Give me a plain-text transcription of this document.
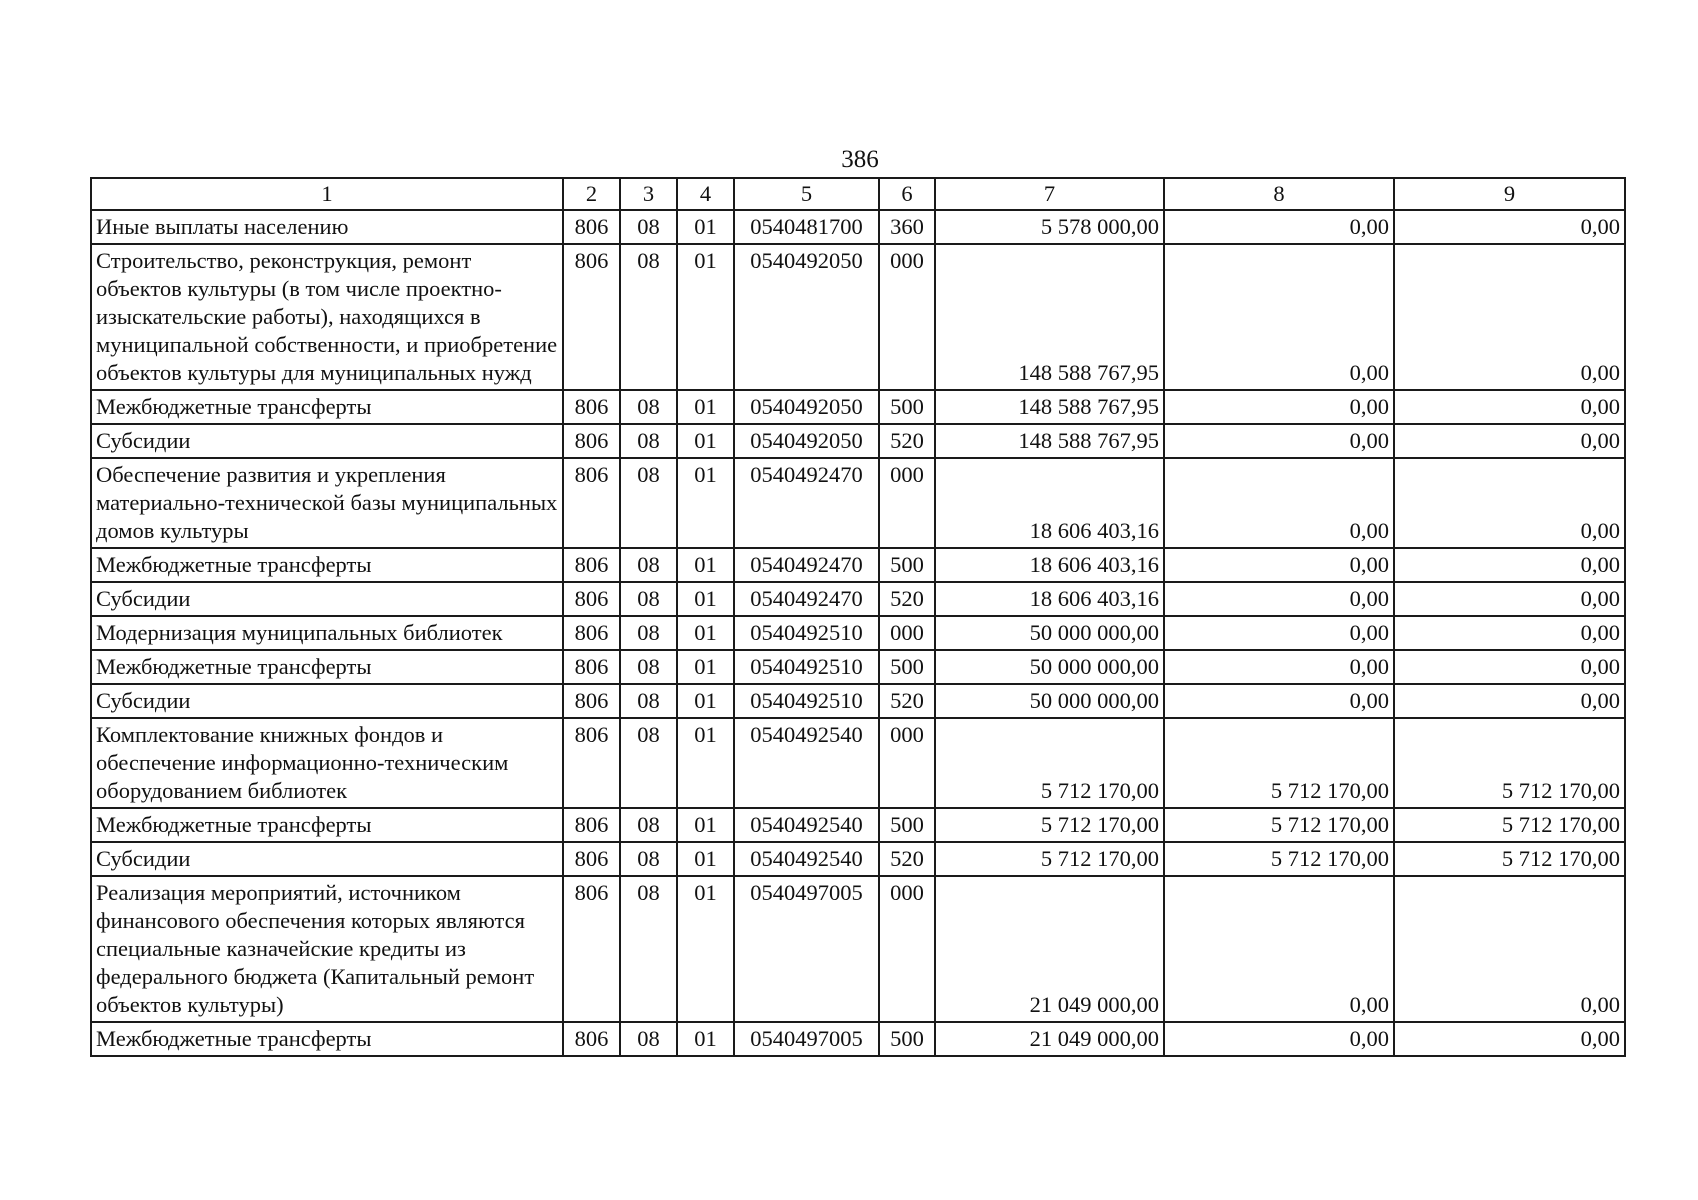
386
1	2	3	4	5	6	7	8	9
Иные выплаты населению	806	08	01	0540481700	360	5 578 000,00	0,00	0,00
Строительство, реконструкция, ремонт объектов культуры (в том числе проектно-изыскательские работы), находящихся в муниципальной собственности, и приобретение объектов культуры для муниципальных нужд	806	08	01	0540492050	000	148 588 767,95	0,00	0,00
Межбюджетные трансферты	806	08	01	0540492050	500	148 588 767,95	0,00	0,00
Субсидии	806	08	01	0540492050	520	148 588 767,95	0,00	0,00
Обеспечение развития и укрепления материально-технической базы муниципальных домов культуры	806	08	01	0540492470	000	18 606 403,16	0,00	0,00
Межбюджетные трансферты	806	08	01	0540492470	500	18 606 403,16	0,00	0,00
Субсидии	806	08	01	0540492470	520	18 606 403,16	0,00	0,00
Модернизация муниципальных библиотек	806	08	01	0540492510	000	50 000 000,00	0,00	0,00
Межбюджетные трансферты	806	08	01	0540492510	500	50 000 000,00	0,00	0,00
Субсидии	806	08	01	0540492510	520	50 000 000,00	0,00	0,00
Комплектование книжных фондов и обеспечение информационно-техническим оборудованием библиотек	806	08	01	0540492540	000	5 712 170,00	5 712 170,00	5 712 170,00
Межбюджетные трансферты	806	08	01	0540492540	500	5 712 170,00	5 712 170,00	5 712 170,00
Субсидии	806	08	01	0540492540	520	5 712 170,00	5 712 170,00	5 712 170,00
Реализация мероприятий, источником финансового обеспечения которых являются специальные казначейские кредиты из федерального бюджета (Капитальный ремонт объектов культуры)	806	08	01	0540497005	000	21 049 000,00	0,00	0,00
Межбюджетные трансферты	806	08	01	0540497005	500	21 049 000,00	0,00	0,00
